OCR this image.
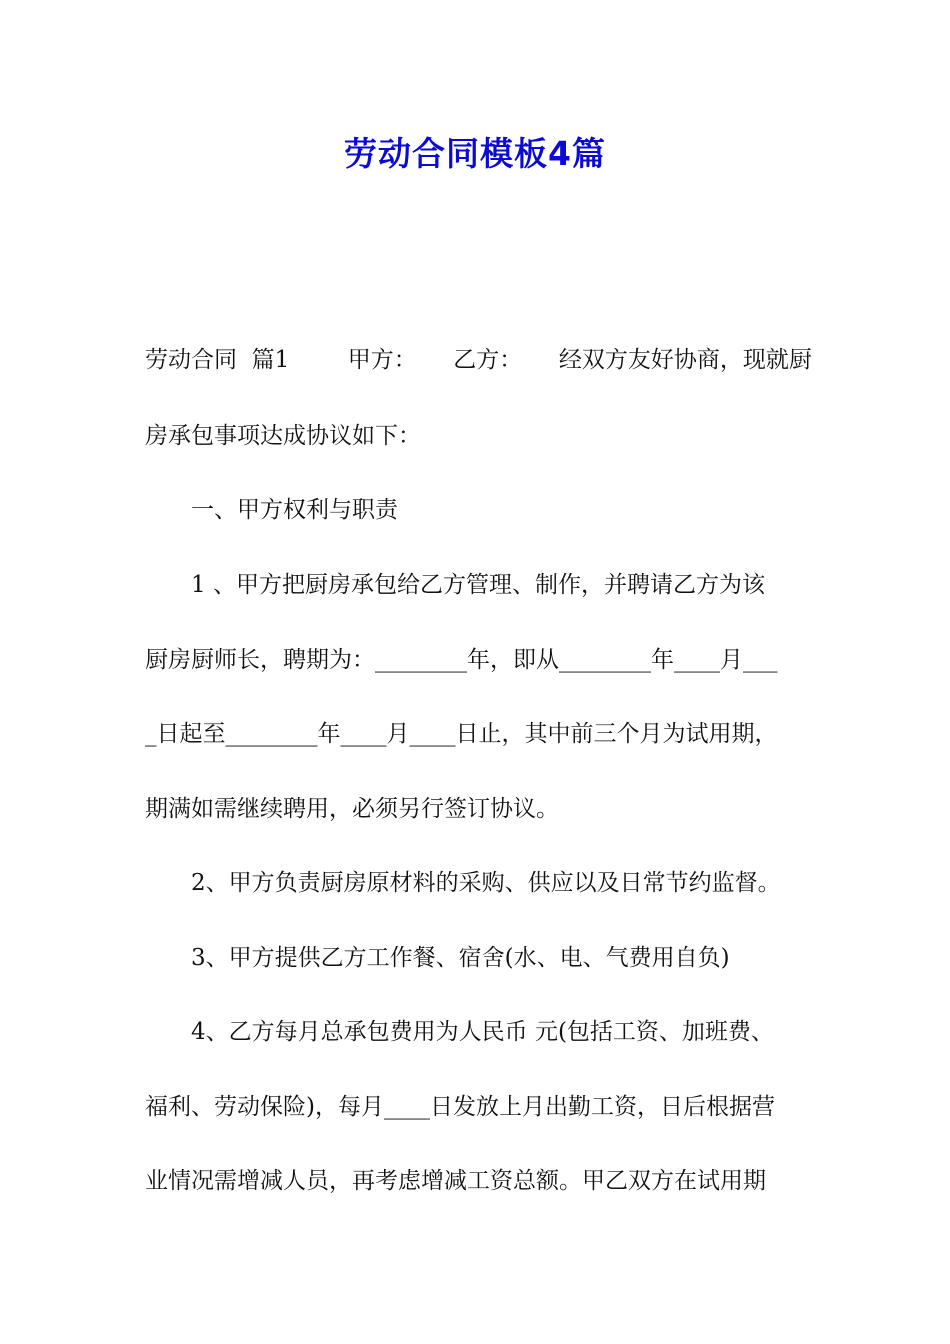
劳动合同模板4篇
劳动合同  篇1        甲方：     乙方：     经双方友好协商，现就厨
房承包事项达成协议如下：
一、甲方权利与职责
1 、甲方把厨房承包给乙方管理、制作，并聘请乙方为该
厨房厨师长，聘期为：________年，即从________年____月___
_日起至________年____月____日止，其中前三个月为试用期，
期满如需继续聘用，必须另行签订协议。
2、甲方负责厨房原材料的采购、供应以及日常节约监督。
3、甲方提供乙方工作餐、宿舍(水、电、气费用自负)
4、乙方每月总承包费用为人民币 元(包括工资、加班费、
福利、劳动保险)，每月____日发放上月出勤工资，日后根据营
业情况需增减人员，再考虑增减工资总额。甲乙双方在试用期
